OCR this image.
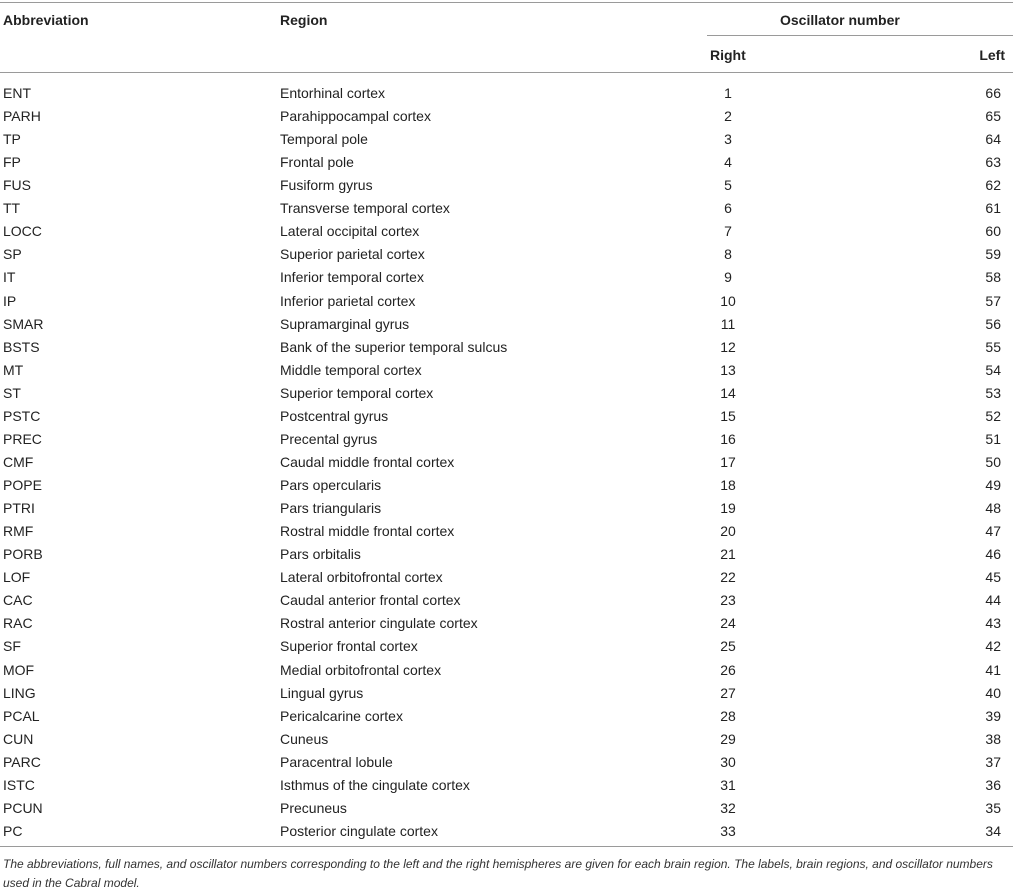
Abbreviation	Region	Oscillator number
Right	Left
ENT	Entorhinal cortex	1	66
PARH	Parahippocampal cortex	2	65
TP	Temporal pole	3	64
FP	Frontal pole	4	63
FUS	Fusiform gyrus	5	62
TT	Transverse temporal cortex	6	61
LOCC	Lateral occipital cortex	7	60
SP	Superior parietal cortex	8	59
IT	Inferior temporal cortex	9	58
IP	Inferior parietal cortex	10	57
SMAR	Supramarginal gyrus	11	56
BSTS	Bank of the superior temporal sulcus	12	55
MT	Middle temporal cortex	13	54
ST	Superior temporal cortex	14	53
PSTC	Postcentral gyrus	15	52
PREC	Precental gyrus	16	51
CMF	Caudal middle frontal cortex	17	50
POPE	Pars opercularis	18	49
PTRI	Pars triangularis	19	48
RMF	Rostral middle frontal cortex	20	47
PORB	Pars orbitalis	21	46
LOF	Lateral orbitofrontal cortex	22	45
CAC	Caudal anterior frontal cortex	23	44
RAC	Rostral anterior cingulate cortex	24	43
SF	Superior frontal cortex	25	42
MOF	Medial orbitofrontal cortex	26	41
LING	Lingual gyrus	27	40
PCAL	Pericalcarine cortex	28	39
CUN	Cuneus	29	38
PARC	Paracentral lobule	30	37
ISTC	Isthmus of the cingulate cortex	31	36
PCUN	Precuneus	32	35
PC	Posterior cingulate cortex	33	34
The abbreviations, full names, and oscillator numbers corresponding to the left and the right hemispheres are given for each brain region. The labels, brain regions, and oscillator numbers used in the Cabral model.
